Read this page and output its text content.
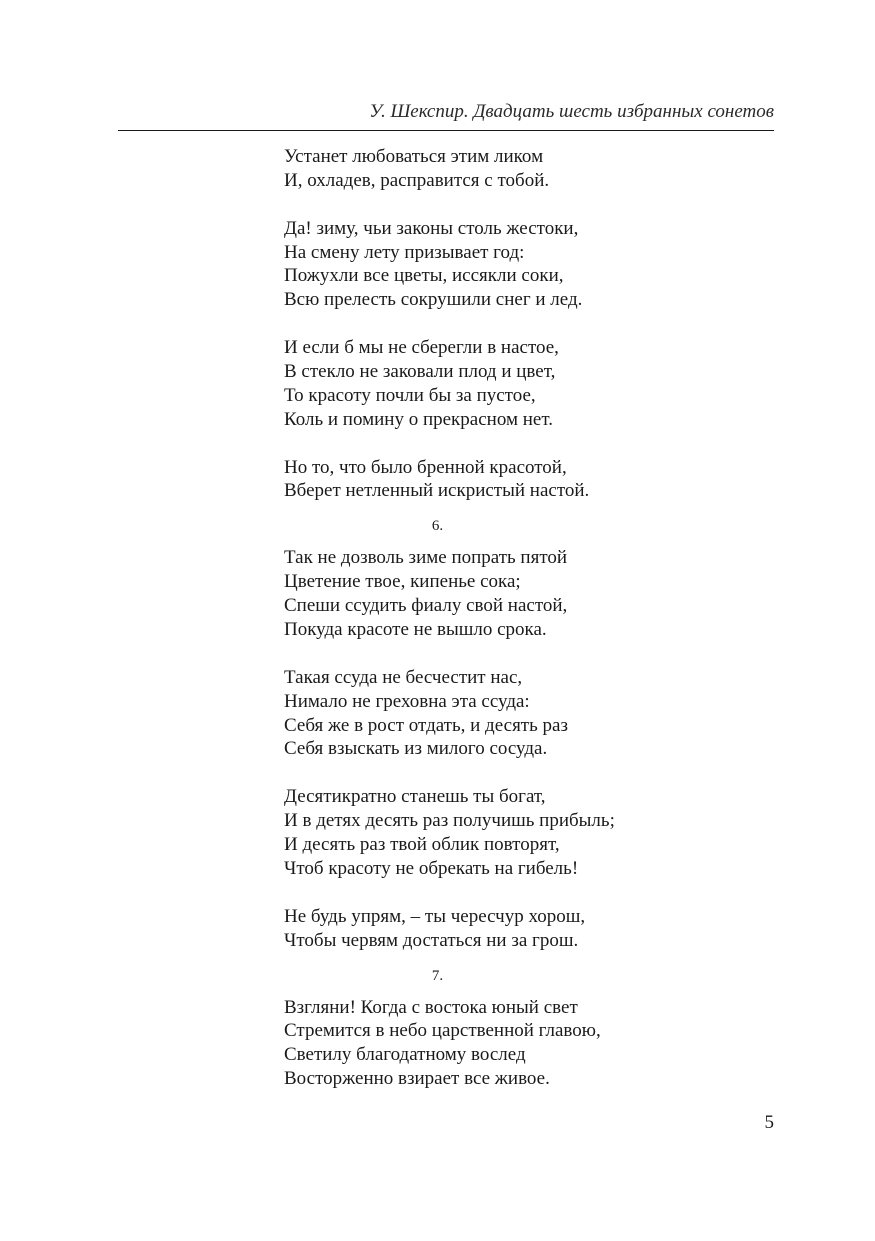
У. Шекспир. Двадцать шесть избранных сонетов
Устанет любоваться этим ликом
И, охладев, расправится с тобой.
Да! зиму, чьи законы столь жестоки,
На смену лету призывает год:
Пожухли все цветы, иссякли соки,
Всю прелесть сокрушили снег и лед.
И если б мы не сберегли в настое,
В стекло не заковали плод и цвет,
То красоту почли бы за пустое,
Коль и помину о прекрасном нет.
Но то, что было бренной красотой,
Вберет нетленный искристый настой.
6.
Так не дозволь зиме попрать пятой
Цветение твое, кипенье сока;
Спеши ссудить фиалу свой настой,
Покуда красоте не вышло срока.
Такая ссуда не бесчестит нас,
Нимало не греховна эта ссуда:
Себя же в рост отдать, и десять раз
Себя взыскать из милого сосуда.
Десятикратно станешь ты богат,
И в детях десять раз получишь прибыль;
И десять раз твой облик повторят,
Чтоб красоту не обрекать на гибель!
Не будь упрям, – ты чересчур хорош,
Чтобы червям достаться ни за грош.
7.
Взгляни! Когда с востока юный свет
Стремится в небо царственной главою,
Светилу благодатному вослед
Восторженно взирает все живое.
5
